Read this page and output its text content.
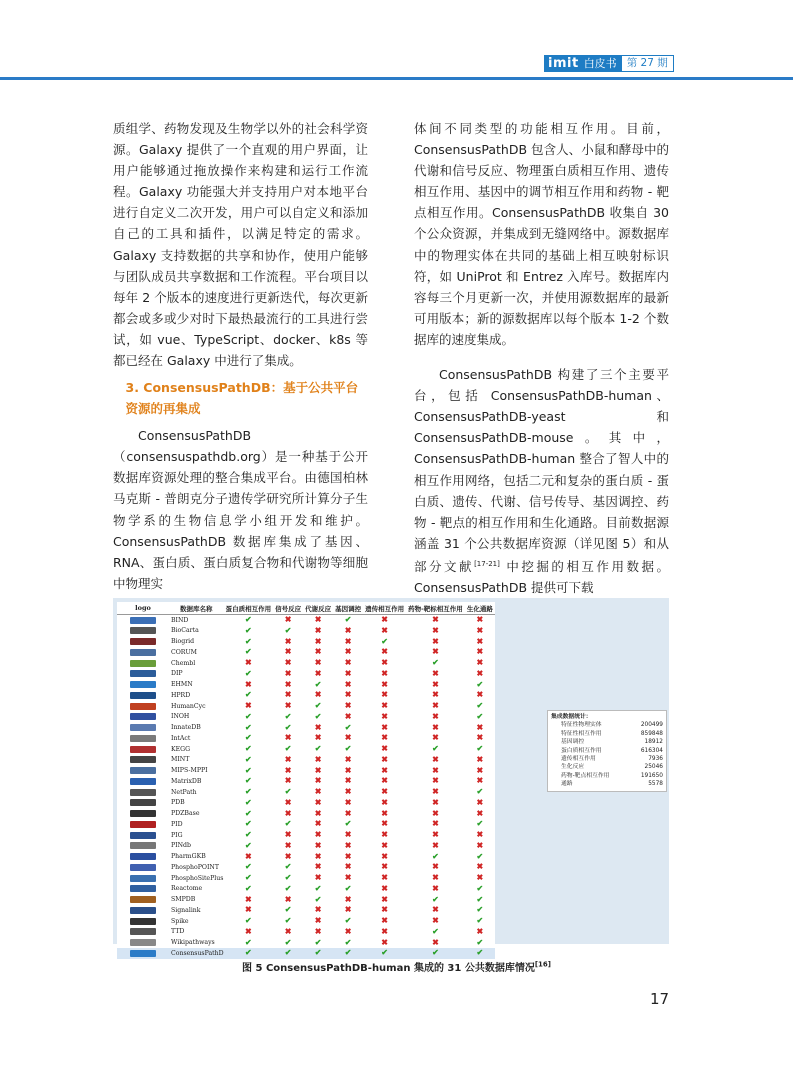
imit 白皮书 第 27 期

质组学、药物发现及生物学以外的社会科学资源。Galaxy 提供了一个直观的用户界面，让用户能够通过拖放操作来构建和运行工作流程。Galaxy 功能强大并支持用户对本地平台进行自定义二次开发，用户可以自定义和添加自己的工具和插件，以满足特定的需求。Galaxy 支持数据的共享和协作，使用户能够与团队成员共享数据和工作流程。平台项目以每年 2 个版本的速度进行更新迭代，每次更新都会或多或少对时下最热最流行的工具进行尝试，如 vue、TypeScript、docker、k8s 等都已经在 Galaxy 中进行了集成。

3. ConsensusPathDB：基于公共平台资源的再集成

ConsensusPathDB（consensuspathdb.org）是一种基于公开数据库资源处理的整合集成平台。由德国柏林马克斯 - 普朗克分子遗传学研究所计算分子生物学系的生物信息学小组开发和维护。ConsensusPathDB 数据库集成了基因、RNA、蛋白质、蛋白质复合物和代谢物等细胞中物理实

体间不同类型的功能相互作用。目前，ConsensusPathDB 包含人、小鼠和酵母中的代谢和信号反应、物理蛋白质相互作用、遗传相互作用、基因中的调节相互作用和药物 - 靶点相互作用。ConsensusPathDB 收集自 30 个公众资源，并集成到无缝网络中。源数据库中的物理实体在共同的基础上相互映射标识符，如 UniProt 和 Entrez 入库号。数据库内容每三个月更新一次，并使用源数据库的最新可用版本；新的源数据库以每个版本 1-2 个数据库的速度集成。

ConsensusPathDB 构建了三个主要平台，包括 ConsensusPathDB-human、ConsensusPathDB-yeast 和 ConsensusPathDB-mouse。其中，ConsensusPathDB-human 整合了智人中的相互作用网络，包括二元和复杂的蛋白质 - 蛋白质、遗传、代谢、信号传导、基因调控、药物 - 靶点的相互作用和生化通路。目前数据源涵盖 31 个公共数据库资源（详见图 5）和从部分文献[17-21] 中挖掘的相互作用数据。ConsensusPathDB 提供可下载

logo	数据库名称	蛋白质相互作用	信号反应	代谢反应	基因调控	遗传相互作用	药物-靶标相互作用	生化通路
	BIND	✔	✖	✖	✔	✖	✖	✖
	BioCarta	✔	✔	✖	✖	✖	✖	✖
	Biogrid	✔	✖	✖	✖	✔	✖	✖
	CORUM	✔	✖	✖	✖	✖	✖	✖
	Chembl	✖	✖	✖	✖	✖	✔	✖
	DIP	✔	✖	✖	✖	✖	✖	✖
	EHMN	✖	✖	✔	✖	✖	✖	✔
	HPRD	✔	✖	✖	✖	✖	✖	✖
	HumanCyc	✖	✖	✔	✖	✖	✖	✔
	INOH	✔	✔	✔	✖	✖	✖	✔
	InnateDB	✔	✔	✖	✔	✖	✖	✖
	IntAct	✔	✖	✖	✖	✖	✖	✖
	KEGG	✔	✔	✔	✔	✖	✔	✔
	MINT	✔	✖	✖	✖	✖	✖	✖
	MIPS-MPPI	✔	✖	✖	✖	✖	✖	✖
	MatrixDB	✔	✖	✖	✖	✖	✖	✖
	NetPath	✔	✔	✖	✖	✖	✖	✔
	PDB	✔	✖	✖	✖	✖	✖	✖
	PDZBase	✔	✖	✖	✖	✖	✖	✖
	PID	✔	✔	✖	✔	✖	✖	✔
	PIG	✔	✖	✖	✖	✖	✖	✖
	PINdb	✔	✖	✖	✖	✖	✖	✖
	PharmGKB	✖	✖	✖	✖	✖	✔	✔
	PhosphoPOINT	✔	✔	✖	✖	✖	✖	✖
	PhosphoSitePlus	✔	✔	✖	✖	✖	✖	✖
	Reactome	✔	✔	✔	✔	✖	✖	✔
	SMPDB	✖	✖	✔	✖	✖	✔	✔
	Signalink	✖	✔	✖	✖	✖	✖	✔
	Spike	✔	✔	✖	✔	✖	✖	✔
	TTD	✖	✖	✖	✖	✖	✔	✖
	Wikipathways	✔	✔	✔	✔	✖	✖	✔
	ConsensusPathD	✔	✔	✔	✔	✔	✔	✔
集成数据统计：
特征性物理实体	200499
特征性相互作用	859848
基因调控	18912
蛋白质相互作用	616304
遗传相互作用	7936
生化反应	25046
药物-靶点相互作用	191650
通路	5578
图 5 ConsensusPathDB-human 集成的 31 公共数据库情况[16]
17
